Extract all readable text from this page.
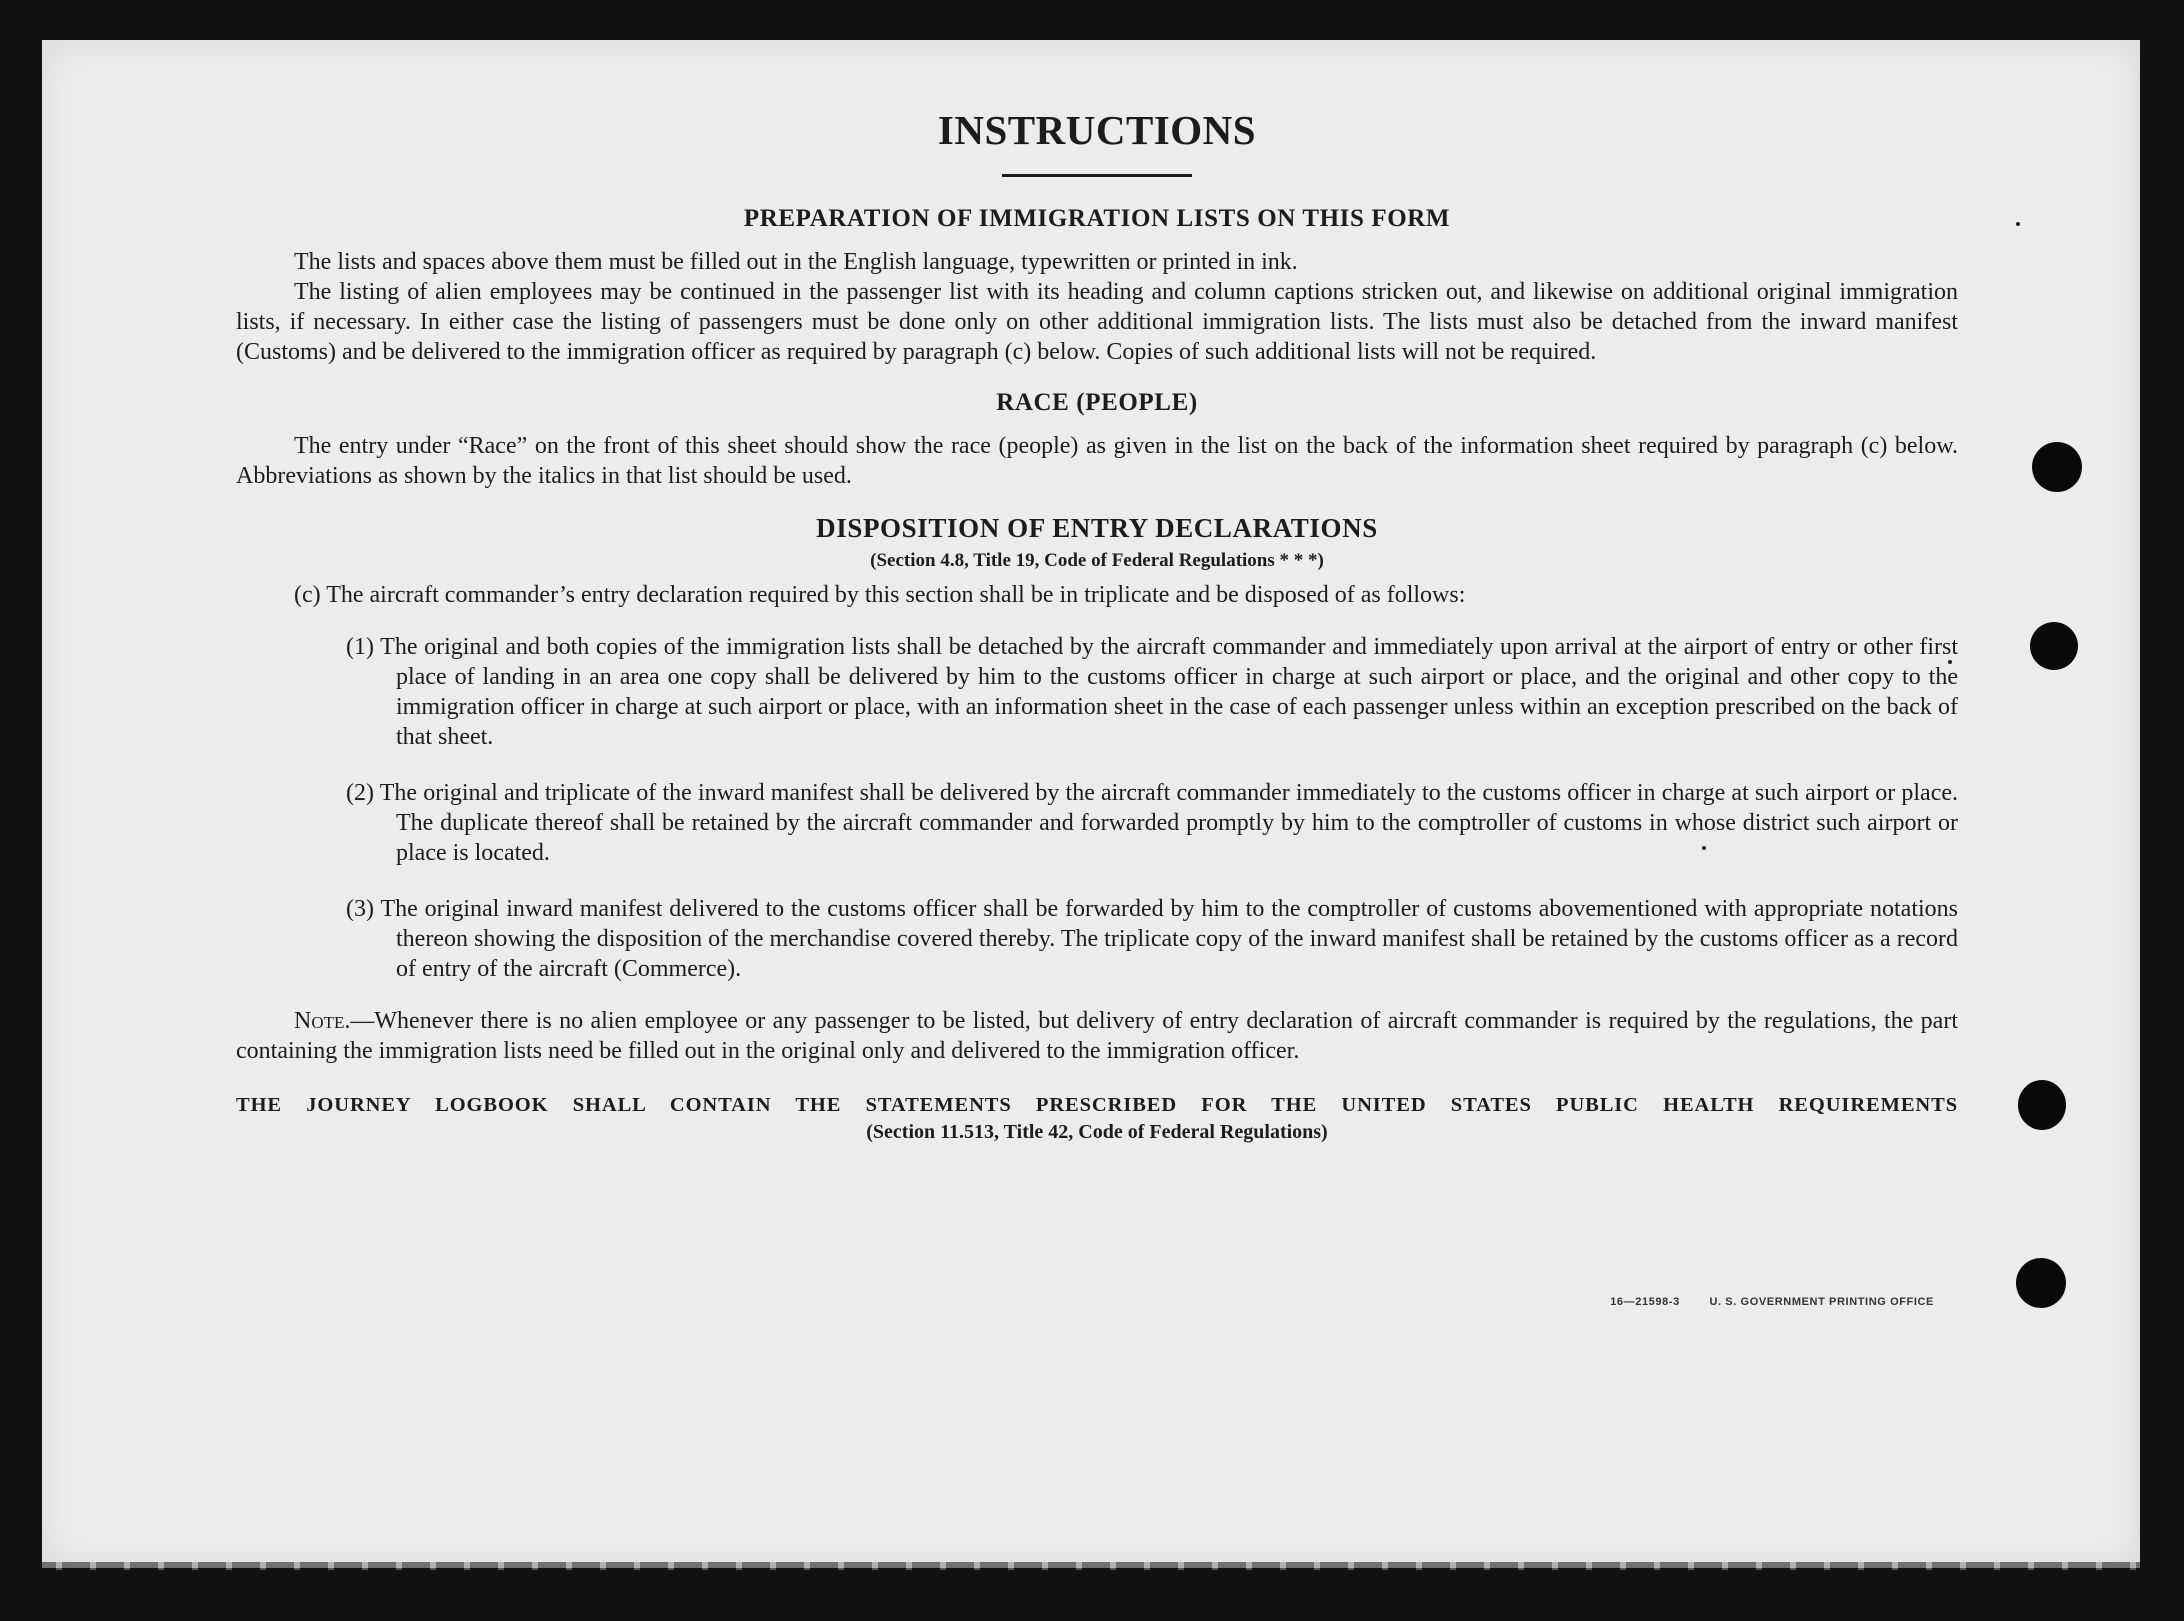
INSTRUCTIONS
PREPARATION OF IMMIGRATION LISTS ON THIS FORM

The lists and spaces above them must be filled out in the English language, typewritten or printed in ink.

The listing of alien employees may be continued in the passenger list with its heading and column captions stricken out, and likewise on additional original immigration lists, if necessary. In either case the listing of passengers must be done only on other additional immigration lists. The lists must also be detached from the inward manifest (Customs) and be delivered to the immigration officer as required by paragraph (c) below. Copies of such additional lists will not be required.

RACE (PEOPLE)

The entry under “Race” on the front of this sheet should show the race (people) as given in the list on the back of the information sheet required by paragraph (c) below. Abbreviations as shown by the italics in that list should be used.

DISPOSITION OF ENTRY DECLARATIONS
(Section 4.8, Title 19, Code of Federal Regulations * * *)

(c) The aircraft commander’s entry declaration required by this section shall be in triplicate and be disposed of as follows:

(1) The original and both copies of the immigration lists shall be detached by the aircraft commander and immediately upon arrival at the airport of entry or other first place of landing in an area one copy shall be delivered by him to the customs officer in charge at such airport or place, and the original and other copy to the immigration officer in charge at such airport or place, with an information sheet in the case of each passenger unless within an exception prescribed on the back of that sheet.
(2) The original and triplicate of the inward manifest shall be delivered by the aircraft commander immediately to the customs officer in charge at such airport or place. The duplicate thereof shall be retained by the aircraft commander and forwarded promptly by him to the comptroller of customs in whose district such airport or place is located.
(3) The original inward manifest delivered to the customs officer shall be forwarded by him to the comptroller of customs abovementioned with appropriate notations thereon showing the disposition of the merchandise covered thereby. The triplicate copy of the inward manifest shall be retained by the customs officer as a record of entry of the aircraft (Commerce).

Note.—Whenever there is no alien employee or any passenger to be listed, but delivery of entry declaration of aircraft commander is required by the regulations, the part containing the immigration lists need be filled out in the original only and delivered to the immigration officer.

THE JOURNEY LOGBOOK SHALL CONTAIN THE STATEMENTS PRESCRIBED FOR THE UNITED STATES PUBLIC HEALTH REQUIREMENTS
(Section 11.513, Title 42, Code of Federal Regulations)
16—21598-3	U. S. GOVERNMENT PRINTING OFFICE
